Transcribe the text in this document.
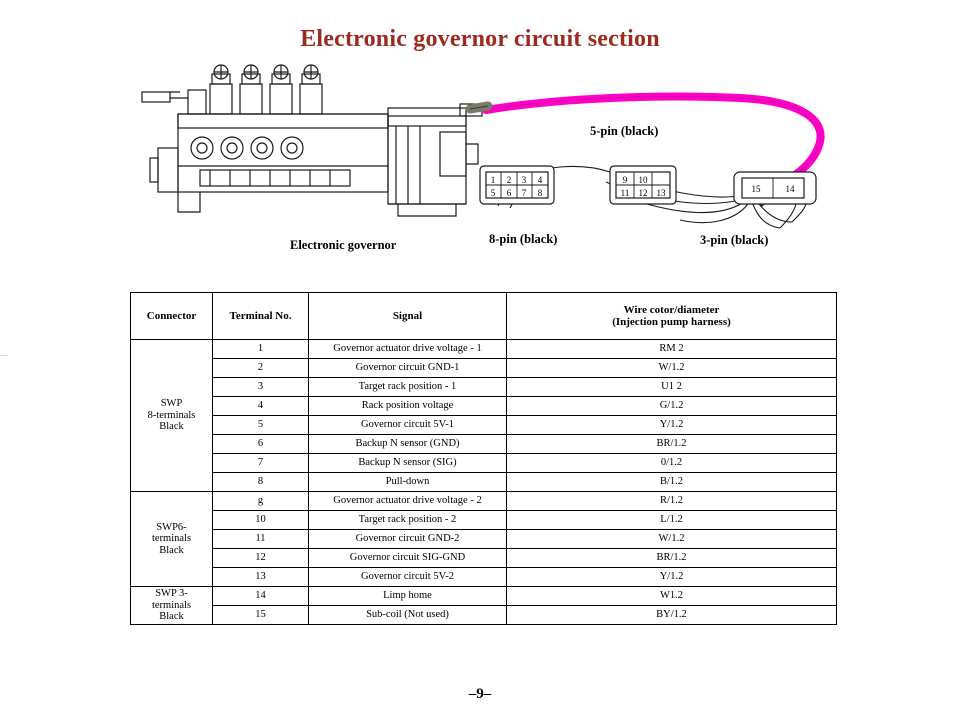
Electronic governor circuit section
1 2 3 4
5 6 7 8
9 10
11 12 13	15	14
5-pin (black)
Electronic governor	8-pin (black)	3-pin (black)
Connector	Terminal No.	Signal	Wire cotor/diameter
(Injection pump harness)
SWP
8-terminals
Black	1	Governor actuator drive voltage - 1	RM 2
	2	Governor circuit GND-1	W/1.2
	3	Target rack position - 1	U1 2
	4	Rack position voltage	G/1.2
	5	Governor circuit 5V-1	Y/1.2
	6	Backup N sensor (GND)	BR/1.2
	7	Backup N sensor (SIG)	0/1.2
	8	Pull-down	B/1.2
SWP6-
terminals
Black	g	Governor actuator drive voltage - 2	R/1.2
	10	Target rack position - 2	L/1.2
	11	Governor circuit GND-2	W/1.2
	12	Governor circuit SIG-GND	BR/1.2
	13	Governor circuit 5V-2	Y/1.2
SWP 3-
terminals
Black	14	Limp home	W1.2
	15	Sub-coil (Not used)	BY/1.2
–9–
